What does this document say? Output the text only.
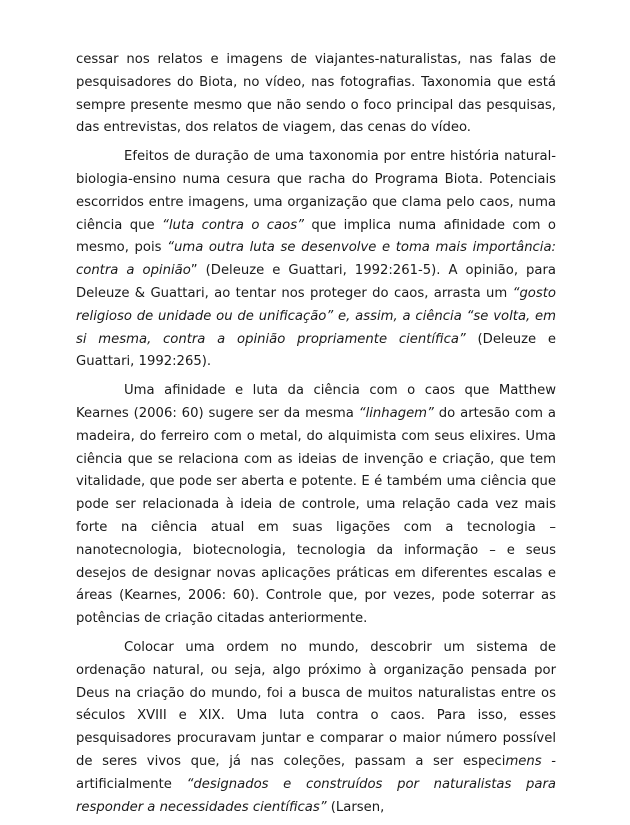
cessar nos relatos e imagens de viajantes-naturalistas, nas falas de pesquisadores do Biota, no vídeo, nas fotografias. Taxonomia que está sempre presente mesmo que não sendo o foco principal das pesquisas, das entrevistas, dos relatos de viagem, das cenas do vídeo.

Efeitos de duração de uma taxonomia por entre história natural-biologia-ensino numa cesura que racha do Programa Biota. Potenciais escorridos entre imagens, uma organização que clama pelo caos, numa ciência que “luta contra o caos” que implica numa afinidade com o mesmo, pois “uma outra luta se desenvolve e toma mais importância: contra a opinião” (Deleuze e Guattari, 1992:261-5). A opinião, para Deleuze & Guattari, ao tentar nos proteger do caos, arrasta um “gosto religioso de unidade ou de unificação” e, assim, a ciência “se volta, em si mesma, contra a opinião propriamente científica” (Deleuze e Guattari, 1992:265).

Uma afinidade e luta da ciência com o caos que Matthew Kearnes (2006: 60) sugere ser da mesma “linhagem” do artesão com a madeira, do ferreiro com o metal, do alquimista com seus elixires. Uma ciência que se relaciona com as ideias de invenção e criação, que tem vitalidade, que pode ser aberta e potente. E é também uma ciência que pode ser relacionada à ideia de controle, uma relação cada vez mais forte na ciência atual em suas ligações com a tecnologia – nanotecnologia, biotecnologia, tecnologia da informação – e seus desejos de designar novas aplicações práticas em diferentes escalas e áreas (Kearnes, 2006: 60). Controle que, por vezes, pode soterrar as potências de criação citadas anteriormente.

Colocar uma ordem no mundo, descobrir um sistema de ordenação natural, ou seja, algo próximo à organização pensada por Deus na criação do mundo, foi a busca de muitos naturalistas entre os séculos XVIII e XIX. Uma luta contra o caos. Para isso, esses pesquisadores procuravam juntar e comparar o maior número possível de seres vivos que, já nas coleções, passam a ser especimens - artificialmente “designados e construídos por naturalistas para responder a necessidades científicas” (Larsen,
